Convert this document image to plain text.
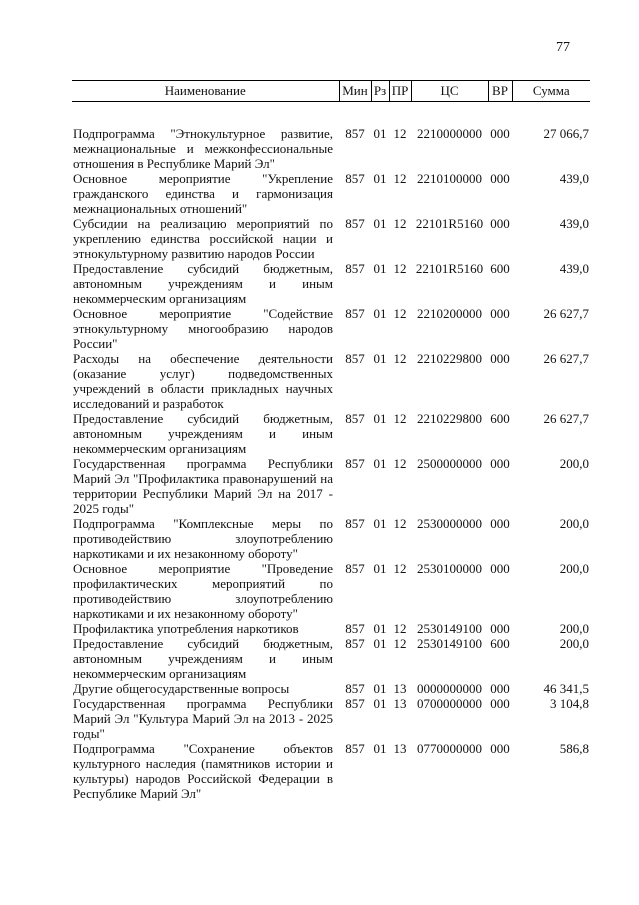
77
Наименование	Мин	Рз	ПР	ЦС	ВР	Сумма
Подпрограмма "Этнокультурное развитие, межнациональные и межконфессиональные отношения в Республике Марий Эл"	857	01	12	2210000000	000	27 066,7
Основное мероприятие "Укрепление гражданского единства и гармонизация межнациональных отношений"	857	01	12	2210100000	000	439,0
Субсидии на реализацию мероприятий по укреплению единства российской нации и этнокультурному развитию народов России	857	01	12	22101R5160	000	439,0
Предоставление субсидий бюджетным, автономным учреждениям и иным некоммерческим организациям	857	01	12	22101R5160	600	439,0
Основное мероприятие "Содействие этнокультурному многообразию народов России"	857	01	12	2210200000	000	26 627,7
Расходы на обеспечение деятельности (оказание услуг) подведомственных учреждений в области прикладных научных исследований и разработок	857	01	12	2210229800	000	26 627,7
Предоставление субсидий бюджетным, автономным учреждениям и иным некоммерческим организациям	857	01	12	2210229800	600	26 627,7
Государственная программа Республики Марий Эл "Профилактика правонарушений на территории Республики Марий Эл на 2017 - 2025 годы"	857	01	12	2500000000	000	200,0
Подпрограмма "Комплексные меры по противодействию злоупотреблению наркотиками и их незаконному обороту"	857	01	12	2530000000	000	200,0
Основное мероприятие "Проведение профилактических мероприятий по противодействию злоупотреблению наркотиками и их незаконному обороту"	857	01	12	2530100000	000	200,0
Профилактика употребления наркотиков	857	01	12	2530149100	000	200,0
Предоставление субсидий бюджетным, автономным учреждениям и иным некоммерческим организациям	857	01	12	2530149100	600	200,0
Другие общегосударственные вопросы	857	01	13	0000000000	000	46 341,5
Государственная программа Республики Марий Эл "Культура Марий Эл на 2013 - 2025 годы"	857	01	13	0700000000	000	3 104,8
Подпрограмма "Сохранение объектов культурного наследия (памятников истории и культуры) народов Российской Федерации в Республике Марий Эл"	857	01	13	0770000000	000	586,8
